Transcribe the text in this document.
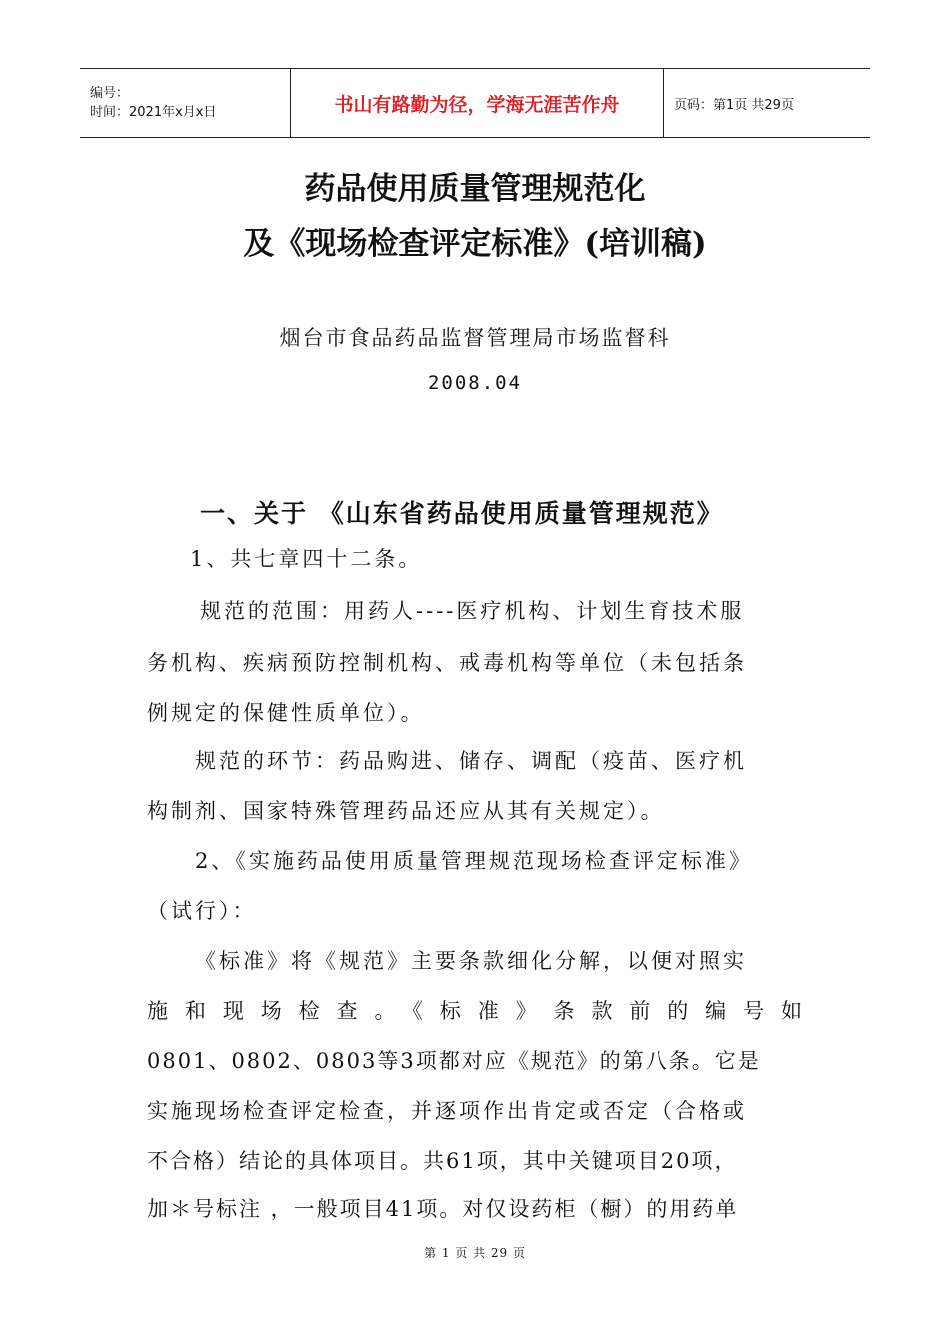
编号：
时间：2021年x月x日	书山有路勤为径，学海无涯苦作舟	页码：第1页 共29页
药品使用质量管理规范化
及《现场检查评定标准》(培训稿)
烟台市食品药品监督管理局市场监督科
2008.04
一、关于 《山东省药品使用质量管理规范》
1、共七章四十二条。
规范的范围：用药人----医疗机构、计划生育技术服
务机构、疾病预防控制机构、戒毒机构等单位（未包括条
例规定的保健性质单位）。
规范的环节：药品购进、储存、调配（疫苗、医疗机
构制剂、国家特殊管理药品还应从其有关规定）。
2、《实施药品使用质量管理规范现场检查评定标准》
（试行）：
《标准》将《规范》主要条款细化分解，以便对照实
施和现场检查。《标准》条款前的编号如
0801、0802、0803等3项都对应《规范》的第八条。它是
实施现场检查评定检查，并逐项作出肯定或否定（合格或
不合格）结论的具体项目。共61项，其中关键项目20项，
加＊号标注 ，一般项目41项。对仅设药柜（橱）的用药单
第 1 页 共 29 页
